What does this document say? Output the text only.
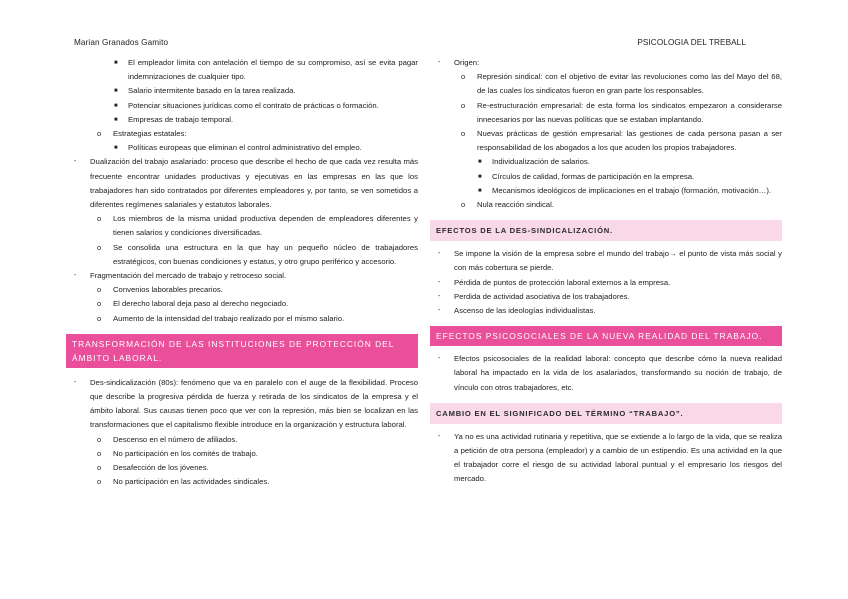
Marian Granados Gamito	PSICOLOGIA DEL TREBALL
■ El empleador limita con antelación el tiempo de su compromiso, así se evita pagar indemnizaciones de cualquier tipo.
■ Salario intermitente basado en la tarea realizada.
■ Potenciar situaciones jurídicas como el contrato de prácticas o formación.
■ Empresas de trabajo temporal.
o Estrategias estatales:
■ Políticas europeas que eliminan el control administrativo del empleo.
- Dualización del trabajo asalariado: proceso que describe el hecho de que cada vez resulta más frecuente encontrar unidades productivas y ejecutivas en las empresas en las que los trabajadores han sido contratados por diferentes empleadores y, por tanto, se ven sometidos a diferentes regímenes salariales y estatutos laborales.
o Los miembros de la misma unidad productiva dependen de empleadores diferentes y tienen salarios y condiciones diversificadas.
o Se consolida una estructura en la que hay un pequeño núcleo de trabajadores estratégicos, con buenas condiciones y estatus, y otro grupo periférico y accesorio.
- Fragmentación del mercado de trabajo y retroceso social.
o Convenios laborables precarios.
o El derecho laboral deja paso al derecho negociado.
o Aumento de la intensidad del trabajo realizado por el mismo salario.
TRANSFORMACIÓN DE LAS INSTITUCIONES DE PROTECCIÓN DEL ÁMBITO LABORAL.
- Des-sindicalización (80s): fenómeno que va en paralelo con el auge de la flexibilidad. Proceso que describe la progresiva pérdida de fuerza y retirada de los sindicatos de la empresa y el ámbito laboral. Sus causas tienen poco que ver con la represión, más bien se localizan en las transformaciones que el capitalismo flexible introduce en la organización y estructura laboral.
o Descenso en el número de afiliados.
o No participación en los comités de trabajo.
o Desafección de los jóvenes.
o No participación en las actividades sindicales.
- Origen:
o Represión sindical: con el objetivo de evitar las revoluciones como las del Mayo del 68, de las cuales los sindicatos fueron en gran parte los responsables.
o Re-estructuración empresarial: de esta forma los sindicatos empezaron a considerarse innecesarios por las nuevas políticas que se estaban implantando.
o Nuevas prácticas de gestión empresarial: las gestiones de cada persona pasan a ser responsabilidad de los abogados a los que acuden los propios trabajadores.
■ Individualización de salarios.
■ Círculos de calidad, formas de participación en la empresa.
■ Mecanismos ideológicos de implicaciones en el trabajo (formación, motivación…).
o Nula reacción sindical.
EFECTOS DE LA DES-SINDICALIZACIÓN.
- Se impone la visión de la empresa sobre el mundo del trabajo→ el punto de vista más social y con más cobertura se pierde.
- Pérdida de puntos de protección laboral externos a la empresa.
- Perdida de actividad asociativa de los trabajadores.
- Ascenso de las ideologías individualistas.
EFECTOS PSICOSOCIALES DE LA NUEVA REALIDAD DEL TRABAJO.
- Efectos psicosociales de la realidad laboral: concepto que describe cómo la nueva realidad laboral ha impactado en la vida de los asalariados, transformando su noción de trabajo, de vínculo con otros trabajadores, etc.
CAMBIO EN EL SIGNIFICADO DEL TÉRMINO “TRABAJO”.
- Ya no es una actividad rutinaria y repetitiva, que se extiende a lo largo de la vida, que se realiza a petición de otra persona (empleador) y a cambio de un estipendio. Es una actividad en la que el trabajador corre el riesgo de su actividad laboral puntual y el empresario los riesgos del mercado.
